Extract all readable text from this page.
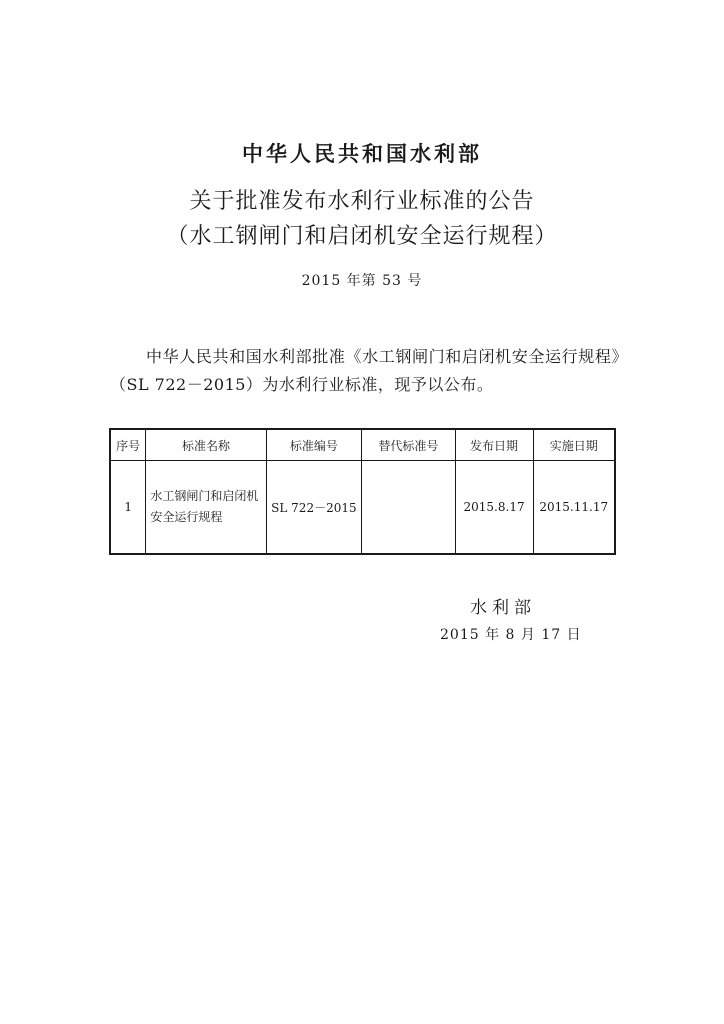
中华人民共和国水利部
关于批准发布水利行业标准的公告
（水工钢闸门和启闭机安全运行规程）
2015 年第 53 号
中华人民共和国水利部批准《水工钢闸门和启闭机安全运行规程》（SL 722－2015）为水利行业标准，现予以公布。
序号	标准名称	标准编号	替代标准号	发布日期	实施日期
1	水工钢闸门和启闭机安全运行规程	SL 722－2015		2015.8.17	2015.11.17
水利部
2015 年 8 月 17 日
